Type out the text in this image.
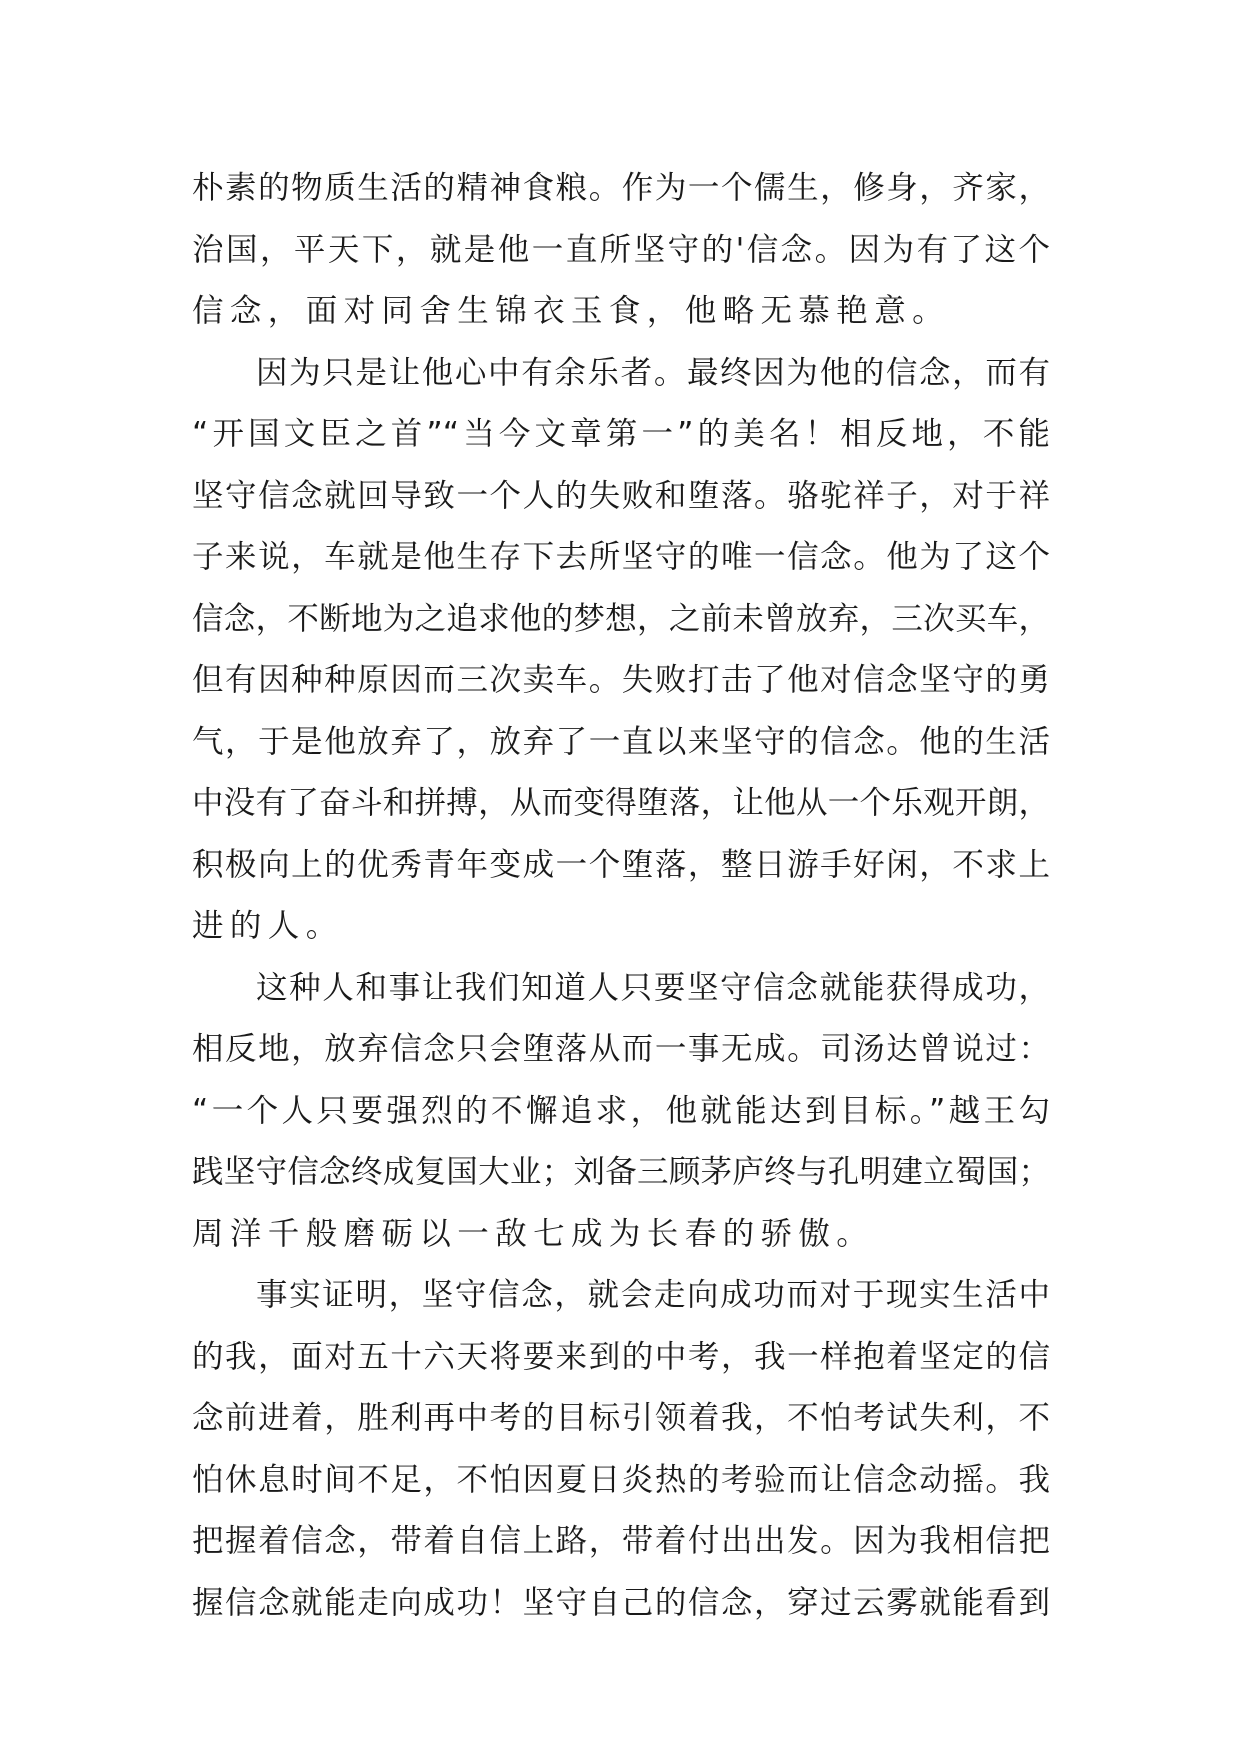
朴素的物质生活的精神食粮。作为一个儒生，修身，齐家，
治国，平天下，就是他一直所坚守的'信念。因为有了这个
信念，面对同舍生锦衣玉食，他略无慕艳意。
因为只是让他心中有余乐者。最终因为他的信念，而有
“开国文臣之首”“当今文章第一”的美名！相反地，不能
坚守信念就回导致一个人的失败和堕落。骆驼祥子，对于祥
子来说，车就是他生存下去所坚守的唯一信念。他为了这个
信念，不断地为之追求他的梦想，之前未曾放弃，三次买车，
但有因种种原因而三次卖车。失败打击了他对信念坚守的勇
气，于是他放弃了，放弃了一直以来坚守的信念。他的生活
中没有了奋斗和拼搏，从而变得堕落，让他从一个乐观开朗，
积极向上的优秀青年变成一个堕落，整日游手好闲，不求上
进的人。
这种人和事让我们知道人只要坚守信念就能获得成功，
相反地，放弃信念只会堕落从而一事无成。司汤达曾说过：
“一个人只要强烈的不懈追求，他就能达到目标。”越王勾
践坚守信念终成复国大业；刘备三顾茅庐终与孔明建立蜀国；
周洋千般磨砺以一敌七成为长春的骄傲。
事实证明，坚守信念，就会走向成功而对于现实生活中
的我，面对五十六天将要来到的中考，我一样抱着坚定的信
念前进着，胜利再中考的目标引领着我，不怕考试失利，不
怕休息时间不足，不怕因夏日炎热的考验而让信念动摇。我
把握着信念，带着自信上路，带着付出出发。因为我相信把
握信念就能走向成功！坚守自己的信念，穿过云雾就能看到
